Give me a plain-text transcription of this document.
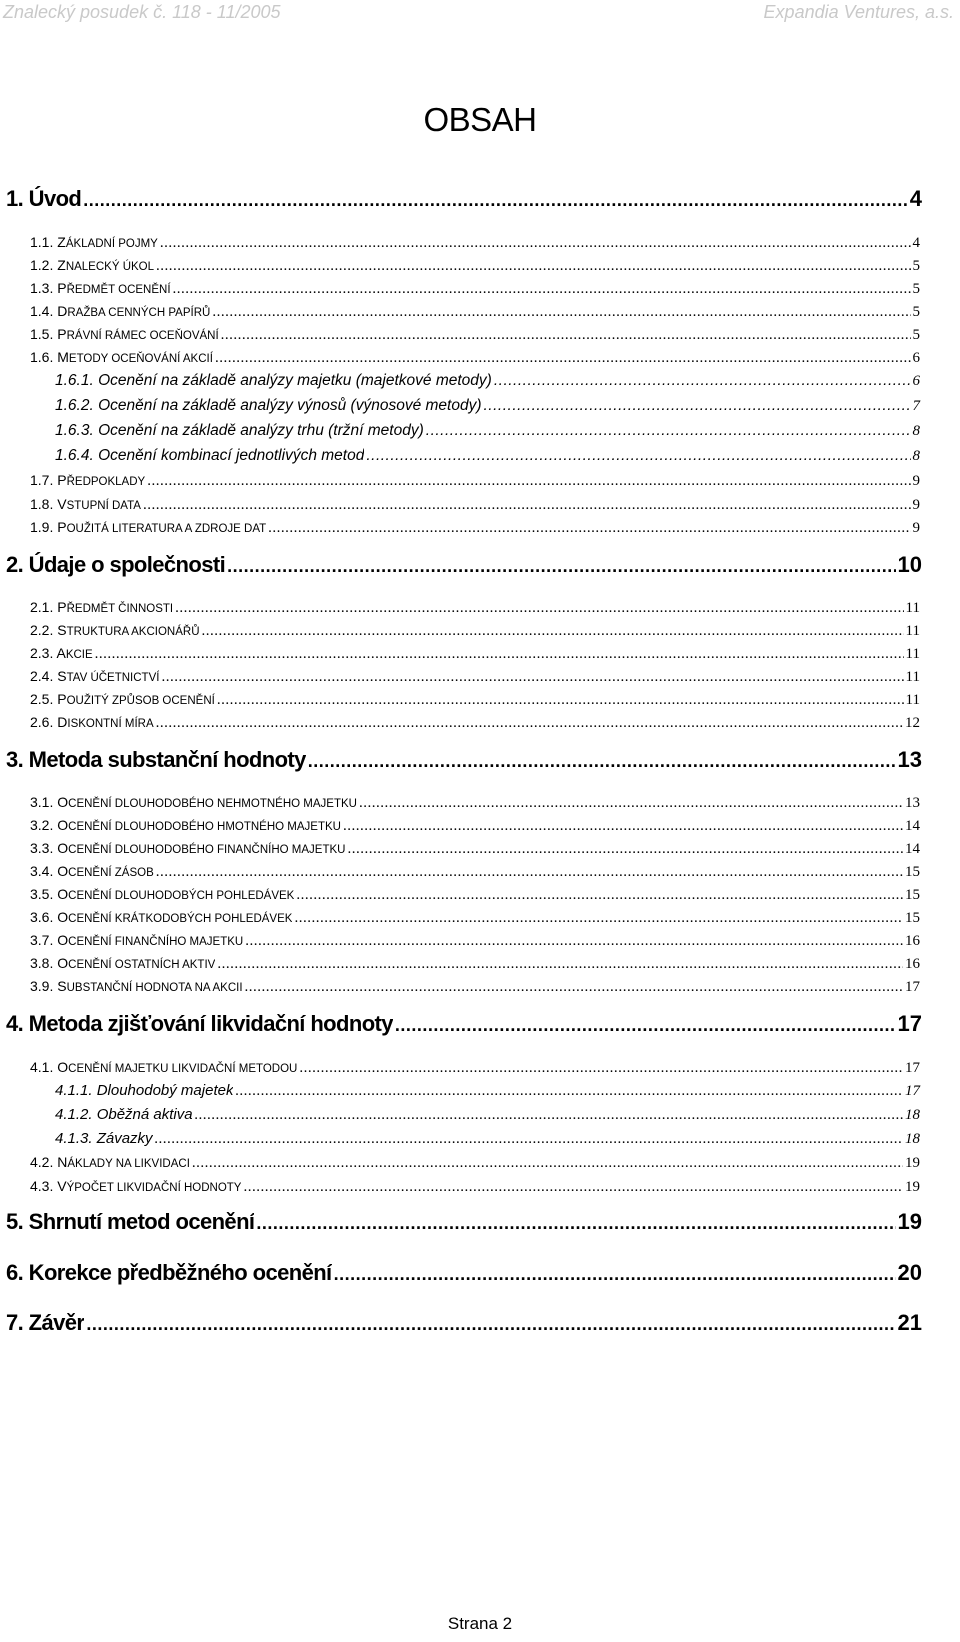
Znalecký posudek č. 118 - 11/2005	Expandia Ventures, a.s.
OBSAH
1. Úvod .....	4
1.1. ZÁKLADNÍ POJMY .....	4
1.2. ZNALECKÝ ÚKOL .....	5
1.3. PŘEDMĚT OCENĚNÍ .....	5
1.4. DRAŽBA CENNÝCH PAPÍRŮ .....	5
1.5. PRÁVNÍ RÁMEC OCEŇOVÁNÍ .....	5
1.6. METODY OCEŇOVÁNÍ AKCIÍ .....	6
1.6.1. Ocenění na základě analýzy majetku (majetkové metody) .....	6
1.6.2. Ocenění na základě analýzy výnosů (výnosové metody) .....	7
1.6.3. Ocenění na základě analýzy trhu (tržní metody) .....	8
1.6.4. Ocenění kombinací jednotlivých metod .....	8
1.7. PŘEDPOKLADY .....	9
1.8. VSTUPNÍ DATA .....	9
1.9. POUŽITÁ LITERATURA A ZDROJE DAT .....	9
2. Údaje o společnosti .....	10
2.1. PŘEDMĚT ČINNOSTI .....	11
2.2. STRUKTURA AKCIONÁŘŮ .....	11
2.3. AKCIE .....	11
2.4. STAV ÚČETNICTVÍ .....	11
2.5. POUŽITÝ ZPŮSOB OCENĚNÍ .....	11
2.6. DISKONTNÍ MÍRA .....	12
3. Metoda substanční hodnoty .....	13
3.1. OCENĚNÍ DLOUHODOBÉHO NEHMOTNÉHO MAJETKU .....	13
3.2. OCENĚNÍ DLOUHODOBÉHO HMOTNÉHO MAJETKU .....	14
3.3. OCENĚNÍ DLOUHODOBÉHO FINANČNÍHO MAJETKU .....	14
3.4. OCENĚNÍ ZÁSOB .....	15
3.5. OCENĚNÍ DLOUHODOBÝCH POHLEDÁVEK .....	15
3.6. OCENĚNÍ KRÁTKODOBÝCH POHLEDÁVEK .....	15
3.7. OCENĚNÍ FINANČNÍHO MAJETKU .....	16
3.8. OCENĚNÍ OSTATNÍCH AKTIV .....	16
3.9. SUBSTANČNÍ HODNOTA NA AKCII .....	17
4. Metoda zjišťování likvidační hodnoty .....	17
4.1. OCENĚNÍ MAJETKU LIKVIDAČNÍ METODOU .....	17
4.1.1. Dlouhodobý majetek .....	17
4.1.2. Oběžná aktiva .....	18
4.1.3. Závazky .....	18
4.2. NÁKLADY NA LIKVIDACI .....	19
4.3. VÝPOČET LIKVIDAČNÍ HODNOTY .....	19
5. Shrnutí metod ocenění .....	19
6. Korekce předběžného ocenění .....	20
7. Závěr .....	21
Strana 2
